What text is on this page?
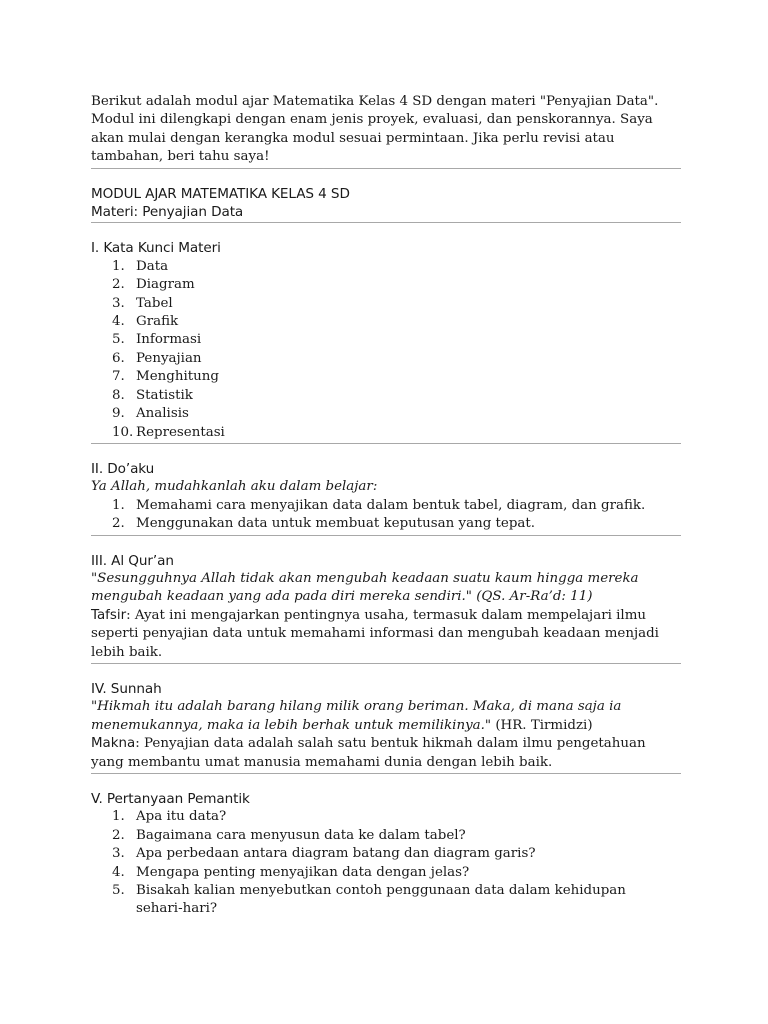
Berikut adalah modul ajar Matematika Kelas 4 SD dengan materi "Penyajian Data".
Modul ini dilengkapi dengan enam jenis proyek, evaluasi, dan penskorannya. Saya
akan mulai dengan kerangka modul sesuai permintaan. Jika perlu revisi atau
tambahan, beri tahu saya!
MODUL AJAR MATEMATIKA KELAS 4 SD
Materi: Penyajian Data
I. Kata Kunci Materi
1. Data
2. Diagram
3. Tabel
4. Grafik
5. Informasi
6. Penyajian
7. Menghitung
8. Statistik
9. Analisis
10. Representasi
II. Do’aku
Ya Allah, mudahkanlah aku dalam belajar:
1. Memahami cara menyajikan data dalam bentuk tabel, diagram, dan grafik.
2. Menggunakan data untuk membuat keputusan yang tepat.
III. Al Qur’an
"Sesungguhnya Allah tidak akan mengubah keadaan suatu kaum hingga mereka
mengubah keadaan yang ada pada diri mereka sendiri." (QS. Ar-Ra’d: 11)
Tafsir: Ayat ini mengajarkan pentingnya usaha, termasuk dalam mempelajari ilmu
seperti penyajian data untuk memahami informasi dan mengubah keadaan menjadi
lebih baik.
IV. Sunnah
"Hikmah itu adalah barang hilang milik orang beriman. Maka, di mana saja ia
menemukannya, maka ia lebih berhak untuk memilikinya." (HR. Tirmidzi)
Makna: Penyajian data adalah salah satu bentuk hikmah dalam ilmu pengetahuan
yang membantu umat manusia memahami dunia dengan lebih baik.
V. Pertanyaan Pemantik
1. Apa itu data?
2. Bagaimana cara menyusun data ke dalam tabel?
3. Apa perbedaan antara diagram batang dan diagram garis?
4. Mengapa penting menyajikan data dengan jelas?
5. Bisakah kalian menyebutkan contoh penggunaan data dalam kehidupan
sehari-hari?
